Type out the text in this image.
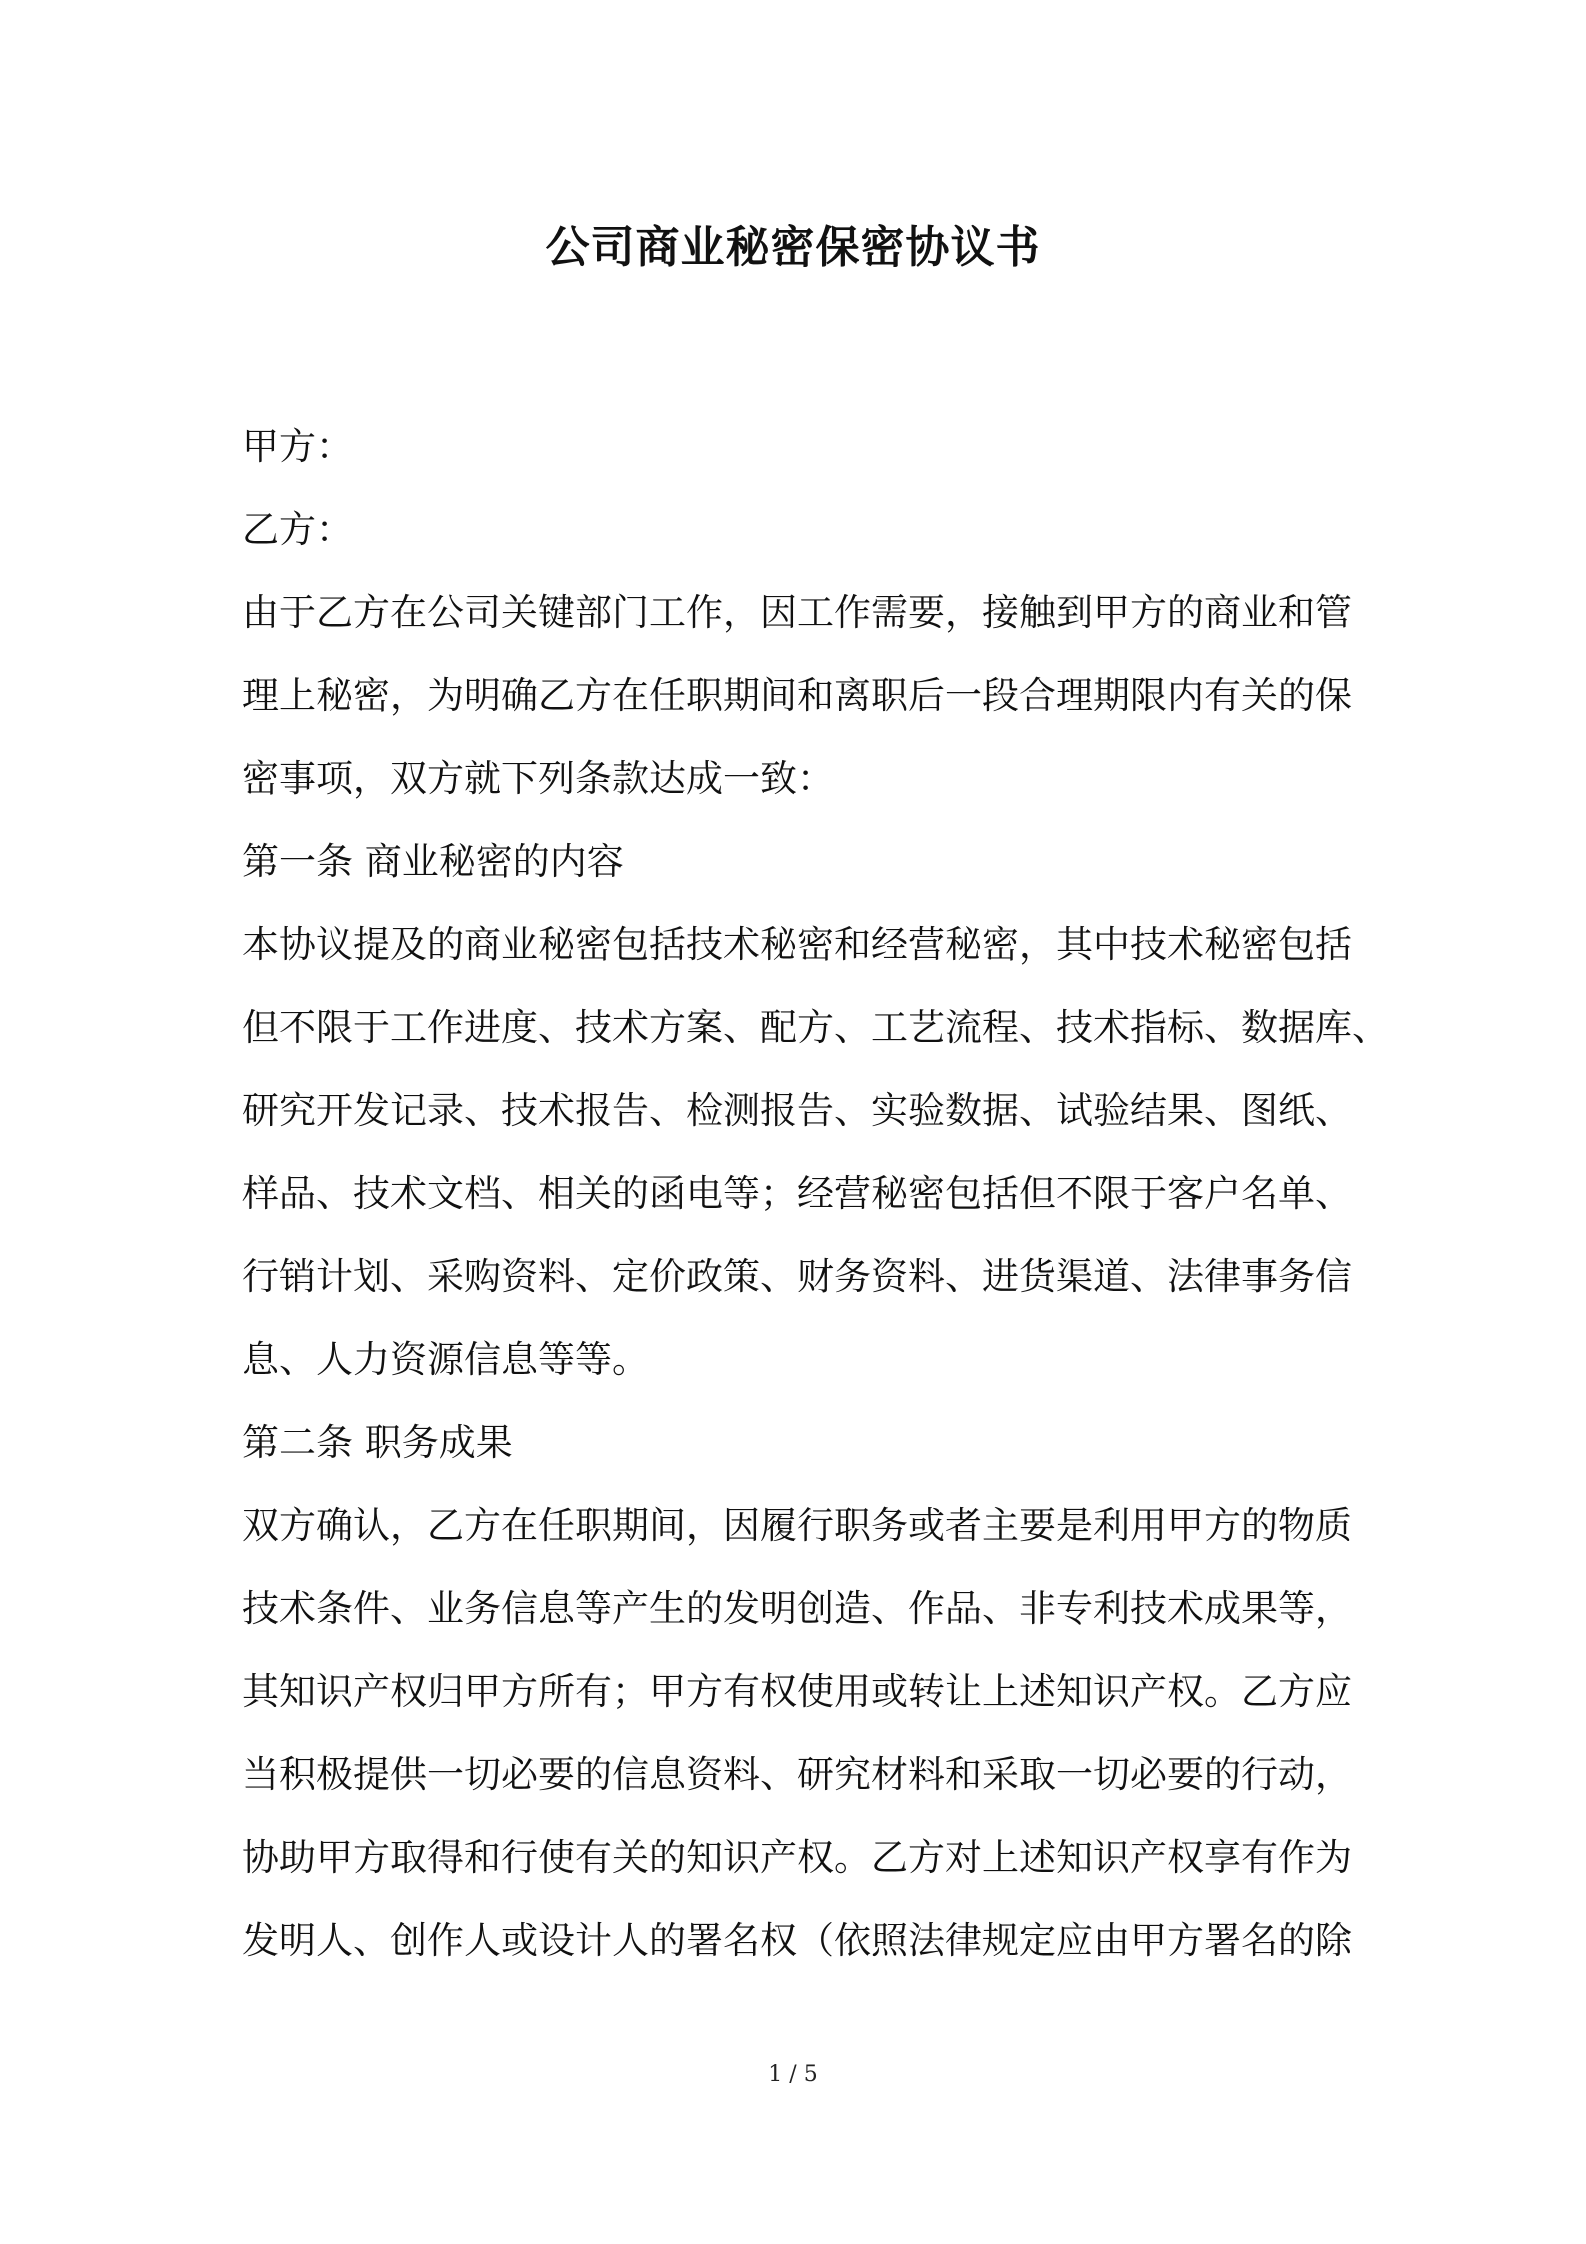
公司商业秘密保密协议书
甲方：
乙方：
由于乙方在公司关键部门工作，因工作需要，接触到甲方的商业和管
理上秘密，为明确乙方在任职期间和离职后一段合理期限内有关的保
密事项，双方就下列条款达成一致：
第一条 商业秘密的内容
本协议提及的商业秘密包括技术秘密和经营秘密，其中技术秘密包括
但不限于工作进度、技术方案、配方、工艺流程、技术指标、数据库、
研究开发记录、技术报告、检测报告、实验数据、试验结果、图纸、
样品、技术文档、相关的函电等；经营秘密包括但不限于客户名单、
行销计划、采购资料、定价政策、财务资料、进货渠道、法律事务信
息、人力资源信息等等。
第二条 职务成果
双方确认，乙方在任职期间，因履行职务或者主要是利用甲方的物质
技术条件、业务信息等产生的发明创造、作品、非专利技术成果等，
其知识产权归甲方所有；甲方有权使用或转让上述知识产权。乙方应
当积极提供一切必要的信息资料、研究材料和采取一切必要的行动，
协助甲方取得和行使有关的知识产权。乙方对上述知识产权享有作为
发明人、创作人或设计人的署名权（依照法律规定应由甲方署名的除
1 / 5
